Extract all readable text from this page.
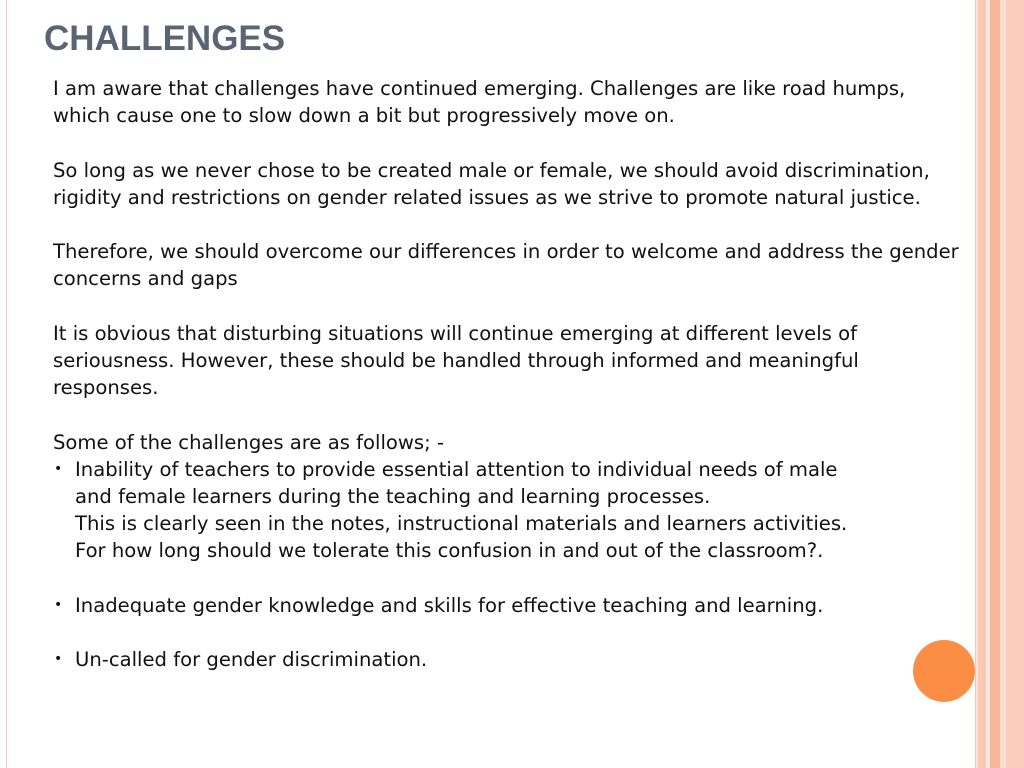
CHALLENGES

I am aware that challenges have continued emerging. Challenges are like road humps, which cause one to slow down a bit but progressively move on.

So long as we never chose to be created male or female, we should avoid discrimination, rigidity and restrictions on gender related issues as we strive to promote natural justice.

Therefore, we should overcome our differences in order to welcome and address the gender concerns and gaps

It is obvious that disturbing situations will continue emerging at different levels of seriousness. However, these should be handled through informed and meaningful responses.

Some of the challenges are as follows; -

• Inability of teachers to provide essential attention to individual needs of male

and female learners during the teaching and learning processes.

This is clearly seen in the notes, instructional materials and learners activities.

For how long should we tolerate this confusion in and out of the classroom?.

• Inadequate gender knowledge and skills for effective teaching and learning.

• Un-called for gender discrimination.
